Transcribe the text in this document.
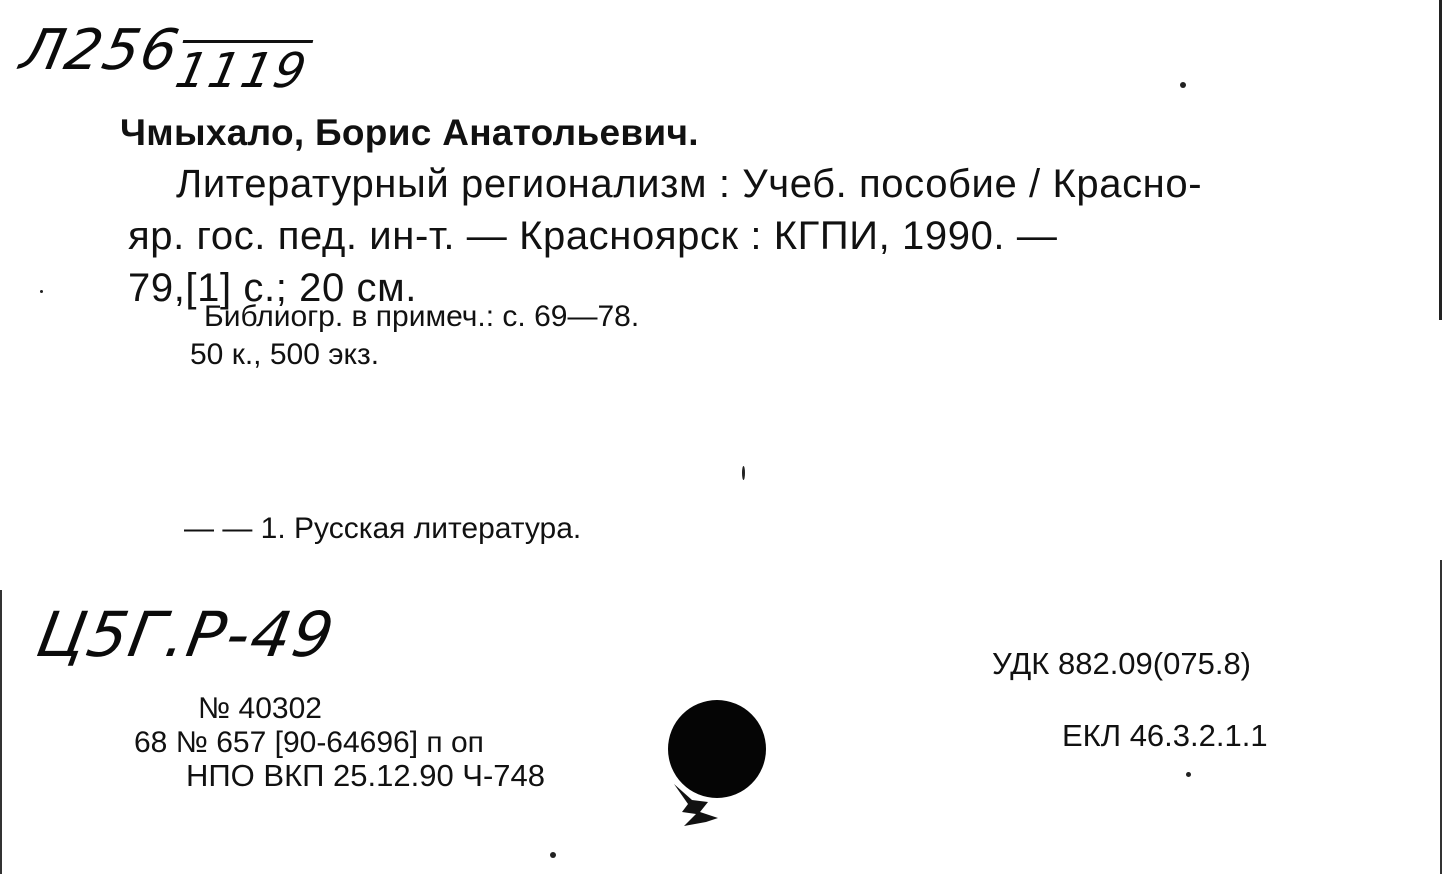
Л2561119
Чмыхало, Борис Анатольевич.
Литературный регионализм : Учеб. пособие / Красно-
яр. гос. пед. ин-т. — Красноярск : КГПИ, 1990. —
79,[1] с.; 20 см.
Библиогр. в примеч.: с. 69—78.
50 к., 500 экз.
— — 1. Русская литература.
Ц5Г.Р-49	УДК 882.09(075.8)
ЕКЛ 46.3.2.1.1
№ 40302
68 № 657 [90-64696] п оп
НПО ВКП 25.12.90 Ч-748
